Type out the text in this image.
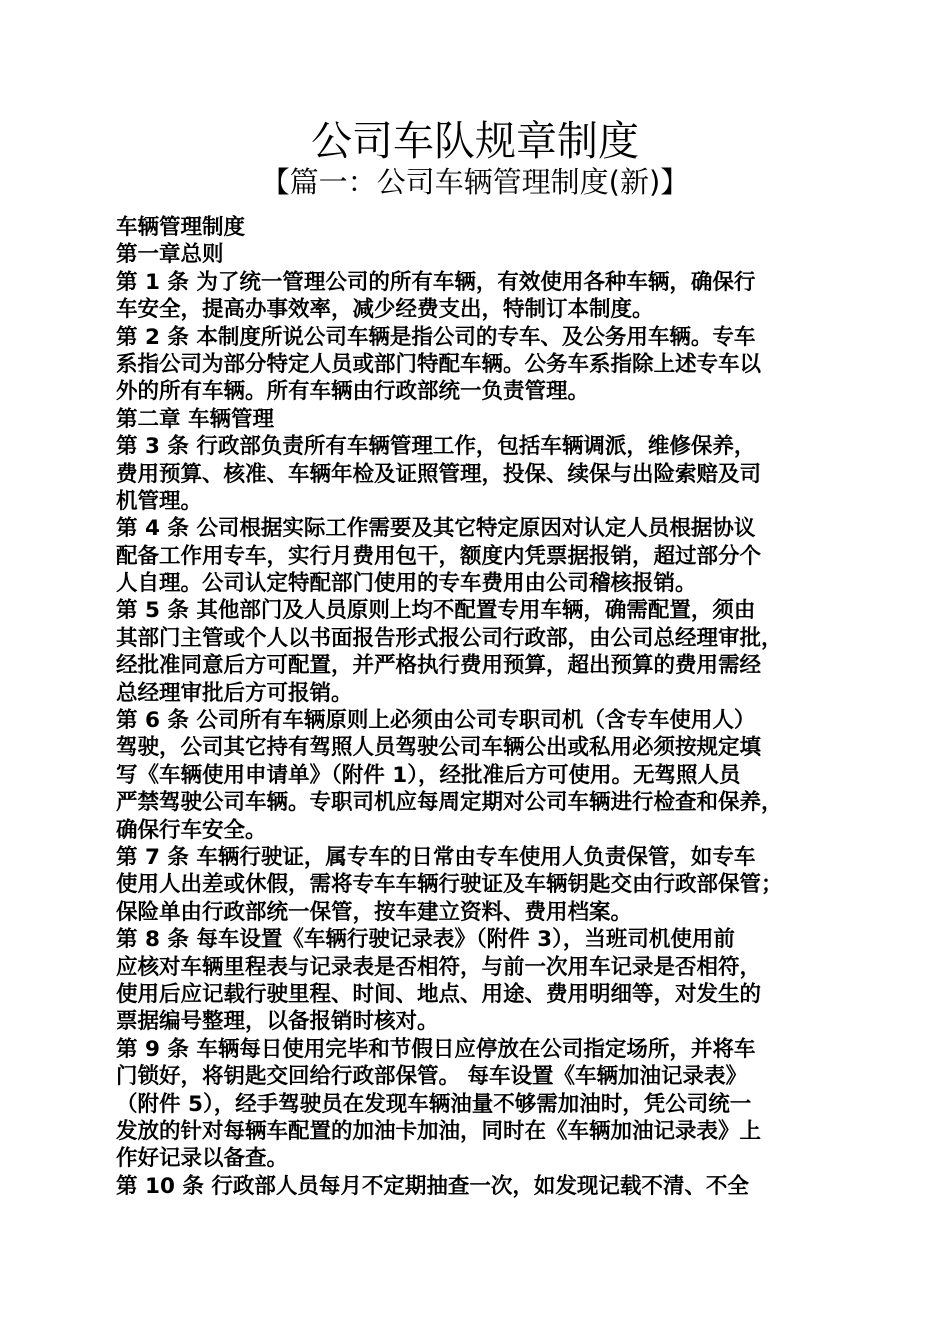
公司车队规章制度
【篇一：公司车辆管理制度(新)】
车辆管理制度
第一章总则
第 1 条 为了统一管理公司的所有车辆，有效使用各种车辆，确保行
车安全，提高办事效率，减少经费支出，特制订本制度。
第 2 条 本制度所说公司车辆是指公司的专车、及公务用车辆。专车
系指公司为部分特定人员或部门特配车辆。公务车系指除上述专车以
外的所有车辆。所有车辆由行政部统一负责管理。
第二章 车辆管理
第 3 条 行政部负责所有车辆管理工作，包括车辆调派，维修保养，
费用预算、核准、车辆年检及证照管理，投保、续保与出险索赔及司
机管理。
第 4 条 公司根据实际工作需要及其它特定原因对认定人员根据协议
配备工作用专车，实行月费用包干，额度内凭票据报销，超过部分个
人自理。公司认定特配部门使用的专车费用由公司稽核报销。
第 5 条 其他部门及人员原则上均不配置专用车辆，确需配置，须由
其部门主管或个人以书面报告形式报公司行政部，由公司总经理审批，
经批准同意后方可配置，并严格执行费用预算，超出预算的费用需经
总经理审批后方可报销。
第 6 条 公司所有车辆原则上必须由公司专职司机（含专车使用人）
驾驶，公司其它持有驾照人员驾驶公司车辆公出或私用必须按规定填
写《车辆使用申请单》（附件 1），经批准后方可使用。无驾照人员
严禁驾驶公司车辆。专职司机应每周定期对公司车辆进行检查和保养，
确保行车安全。
第 7 条 车辆行驶证，属专车的日常由专车使用人负责保管，如专车
使用人出差或休假，需将专车车辆行驶证及车辆钥匙交由行政部保管；
保险单由行政部统一保管，按车建立资料、费用档案。
第 8 条 每车设置《车辆行驶记录表》（附件 3），当班司机使用前
应核对车辆里程表与记录表是否相符，与前一次用车记录是否相符，
使用后应记载行驶里程、时间、地点、用途、费用明细等，对发生的
票据编号整理，以备报销时核对。
第 9 条 车辆每日使用完毕和节假日应停放在公司指定场所，并将车
门锁好，将钥匙交回给行政部保管。 每车设置《车辆加油记录表》
（附件 5），经手驾驶员在发现车辆油量不够需加油时，凭公司统一
发放的针对每辆车配置的加油卡加油，同时在《车辆加油记录表》上
作好记录以备查。
第 10 条 行政部人员每月不定期抽查一次，如发现记载不清、不全
